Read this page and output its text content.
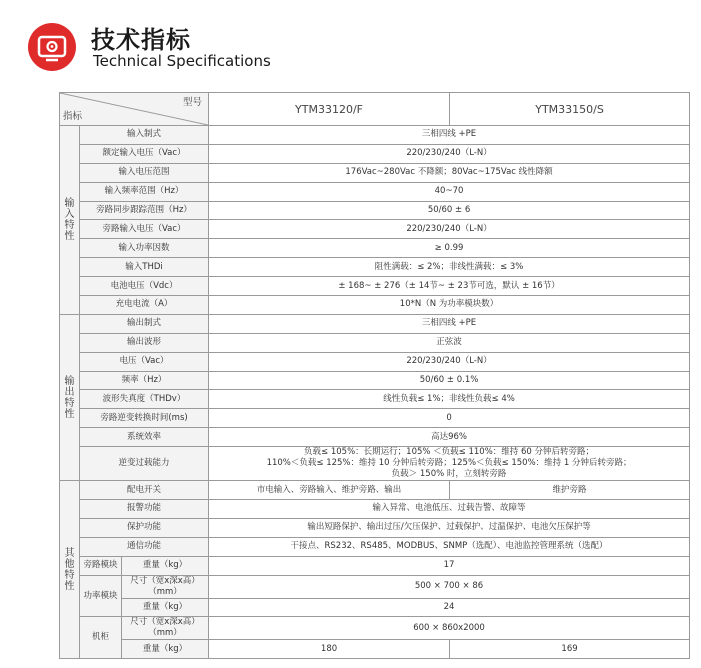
技术指标
Technical Specifications
型号
指标			YTM33120/F	YTM33150/S

输
入
特
性	输入制式		三相四线 +PE	
	额定输入电压（Vac）		220/230/240（L-N）	
	输入电压范围		176Vac~280Vac 不降额；80Vac~175Vac 线性降额	
	输入频率范围（Hz）		40~70	
	旁路同步跟踪范围（Hz）		50/60 ± 6	
	旁路输入电压（Vac）		220/230/240（L-N）	
	输入功率因数		≥ 0.99	
	输入THDi		阻性满载：≤ 2%；非线性满载：≤ 3%	
	电池电压（Vdc）		± 168~ ± 276（± 14节~ ± 23节可选，默认 ± 16节）	
	充电电流（A）		10*N（N 为功率模块数）	

输
出
特
性	输出制式		三相四线 +PE	
	输出波形		正弦波	
	电压（Vac）		220/230/240（L-N）	
	频率（Hz）		50/60 ± 0.1%	
	波形失真度（THDv）		线性负载≤ 1%；非线性负载≤ 4%	
	旁路逆变转换时间(ms)		0	
	系统效率		高达96%	
	逆变过载能力		负载≤ 105%：长期运行；105% ＜负载≤ 110%：维持 60 分钟后转旁路；
110%＜负载≤ 125%：维持 10 分钟后转旁路；125%＜负载≤ 150%：维持 1 分钟后转旁路；
负载＞ 150% 时，立刻转旁路	

其
他
特
性	配电开关		市电输入、旁路输入、维护旁路、输出	维护旁路
	报警功能		输入异常、电池低压、过载告警、故障等	
	保护功能		输出短路保护、输出过压/欠压保护、过载保护、过温保护、电池欠压保护等	
	通信功能		干接点、RS232、RS485、MODBUS、SNMP（选配）、电池监控管理系统（选配）	
	旁路模块	重量（kg）	17	
	功率模块	尺寸（宽x深x高）
（mm）	500 × 700 × 86	
		重量（kg）	24	
	机柜	尺寸（宽x深x高）
（mm）	600 × 860x2000	
		重量（kg）	180	169
